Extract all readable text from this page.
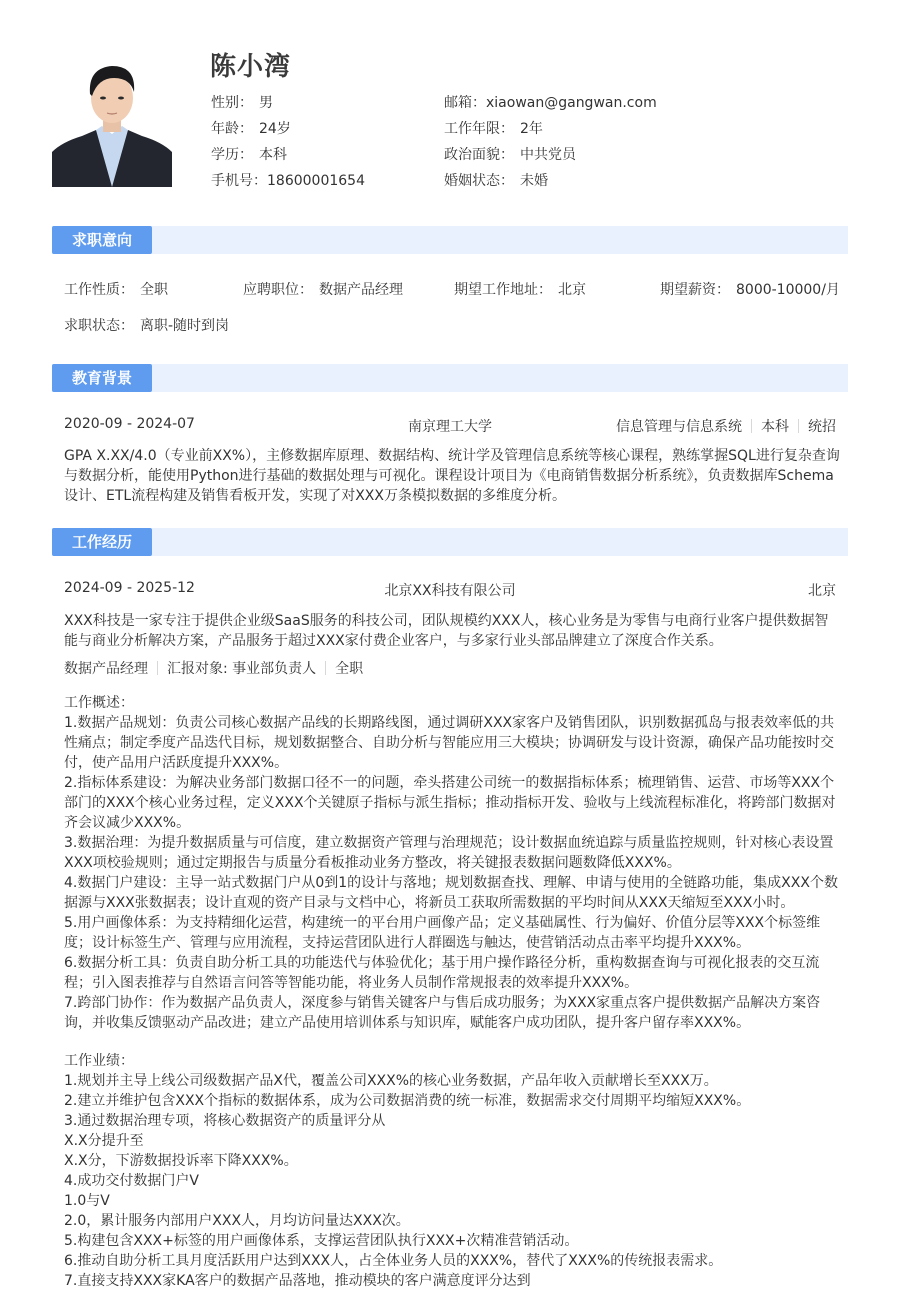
陈小湾
性别： 男
年龄： 24岁
学历： 本科
手机号：18600001654
邮箱：xiaowan@gangwan.com
工作年限： 2年
政治面貌： 中共党员
婚姻状态： 未婚
求职意向
工作性质： 全职	应聘职位： 数据产品经理	期望工作地址： 北京	期望薪资： 8000-10000/月
求职状态： 离职-随时到岗
教育背景
2020-09 - 2024-07	南京理工大学	信息管理与信息系统 本科 统招
GPA X.XX/4.0（专业前XX%），主修数据库原理、数据结构、统计学及管理信息系统等核心课程，熟练掌握SQL进行复杂查询与数据分析，能使用Python进行基础的数据处理与可视化。课程设计项目为《电商销售数据分析系统》，负责数据库Schema设计、ETL流程构建及销售看板开发，实现了对XXX万条模拟数据的多维度分析。
工作经历
2024-09 - 2025-12	北京XX科技有限公司	北京
XXX科技是一家专注于提供企业级SaaS服务的科技公司，团队规模约XXX人，核心业务是为零售与电商行业客户提供数据智能与商业分析解决方案，产品服务于超过XXX家付费企业客户，与多家行业头部品牌建立了深度合作关系。
数据产品经理 汇报对象: 事业部负责人 全职

工作概述：

1.数据产品规划：负责公司核心数据产品线的长期路线图，通过调研XXX家客户及销售团队，识别数据孤岛与报表效率低的共性痛点；制定季度产品迭代目标，规划数据整合、自助分析与智能应用三大模块；协调研发与设计资源，确保产品功能按时交付，使产品用户活跃度提升XXX%。

2.指标体系建设：为解决业务部门数据口径不一的问题，牵头搭建公司统一的数据指标体系；梳理销售、运营、市场等XXX个部门的XXX个核心业务过程，定义XXX个关键原子指标与派生指标；推动指标开发、验收与上线流程标准化，将跨部门数据对齐会议减少XXX%。

3.数据治理：为提升数据质量与可信度，建立数据资产管理与治理规范；设计数据血统追踪与质量监控规则，针对核心表设置XXX项校验规则；通过定期报告与质量分看板推动业务方整改，将关键报表数据问题数降低XXX%。

4.数据门户建设：主导一站式数据门户从0到1的设计与落地；规划数据查找、理解、申请与使用的全链路功能，集成XXX个数据源与XXX张数据表；设计直观的资产目录与文档中心，将新员工获取所需数据的平均时间从XXX天缩短至XXX小时。

5.用户画像体系：为支持精细化运营，构建统一的平台用户画像产品；定义基础属性、行为偏好、价值分层等XXX个标签维度；设计标签生产、管理与应用流程，支持运营团队进行人群圈选与触达，使营销活动点击率平均提升XXX%。

6.数据分析工具：负责自助分析工具的功能迭代与体验优化；基于用户操作路径分析，重构数据查询与可视化报表的交互流程；引入图表推荐与自然语言问答等智能功能，将业务人员制作常规报表的效率提升XXX%。

7.跨部门协作：作为数据产品负责人，深度参与销售关键客户与售后成功服务；为XXX家重点客户提供数据产品解决方案咨询，并收集反馈驱动产品改进；建立产品使用培训体系与知识库，赋能客户成功团队，提升客户留存率XXX%。

工作业绩：

1.规划并主导上线公司级数据产品X代，覆盖公司XXX%的核心业务数据，产品年收入贡献增长至XXX万。

2.建立并维护包含XXX个指标的数据体系，成为公司数据消费的统一标准，数据需求交付周期平均缩短XXX%。

3.通过数据治理专项，将核心数据资产的质量评分从

X.X分提升至

X.X分，下游数据投诉率下降XXX%。

4.成功交付数据门户V

1.0与V

2.0，累计服务内部用户XXX人，月均访问量达XXX次。

5.构建包含XXX+标签的用户画像体系，支撑运营团队执行XXX+次精准营销活动。

6.推动自助分析工具月度活跃用户达到XXX人，占全体业务人员的XXX%，替代了XXX%的传统报表需求。

7.直接支持XXX家KA客户的数据产品落地，推动模块的客户满意度评分达到
